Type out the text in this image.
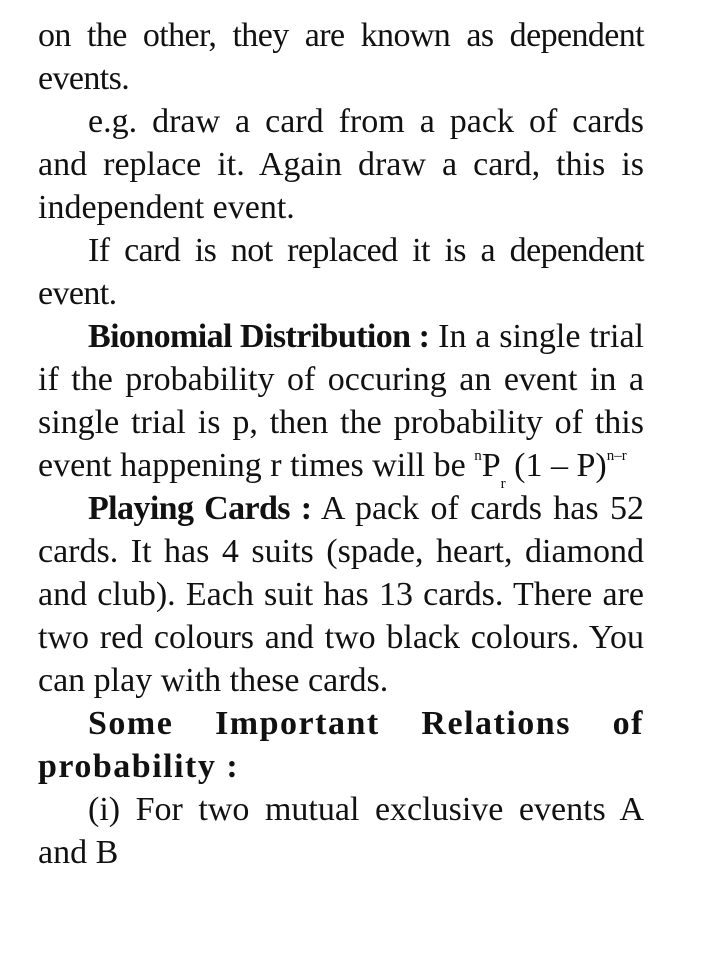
on the other, they are known as dependent events.

e.g. draw a card from a pack of cards and replace it. Again draw a card, this is independent event.

If card is not replaced it is a dependent event.

Bionomial Distribution : In a single trial if the probability of occuring an event in a single trial is p, then the probability of this event happening r times will be $^nP_r$ (1 – P)$^{n-r}$

Playing Cards : A pack of cards has 52 cards. It has 4 suits (spade, heart, diamond and club). Each suit has 13 cards. There are two red colours and two black colours. You can play with these cards.

Some Important Relations of probability :

(i) For two mutual exclusive events A and B
